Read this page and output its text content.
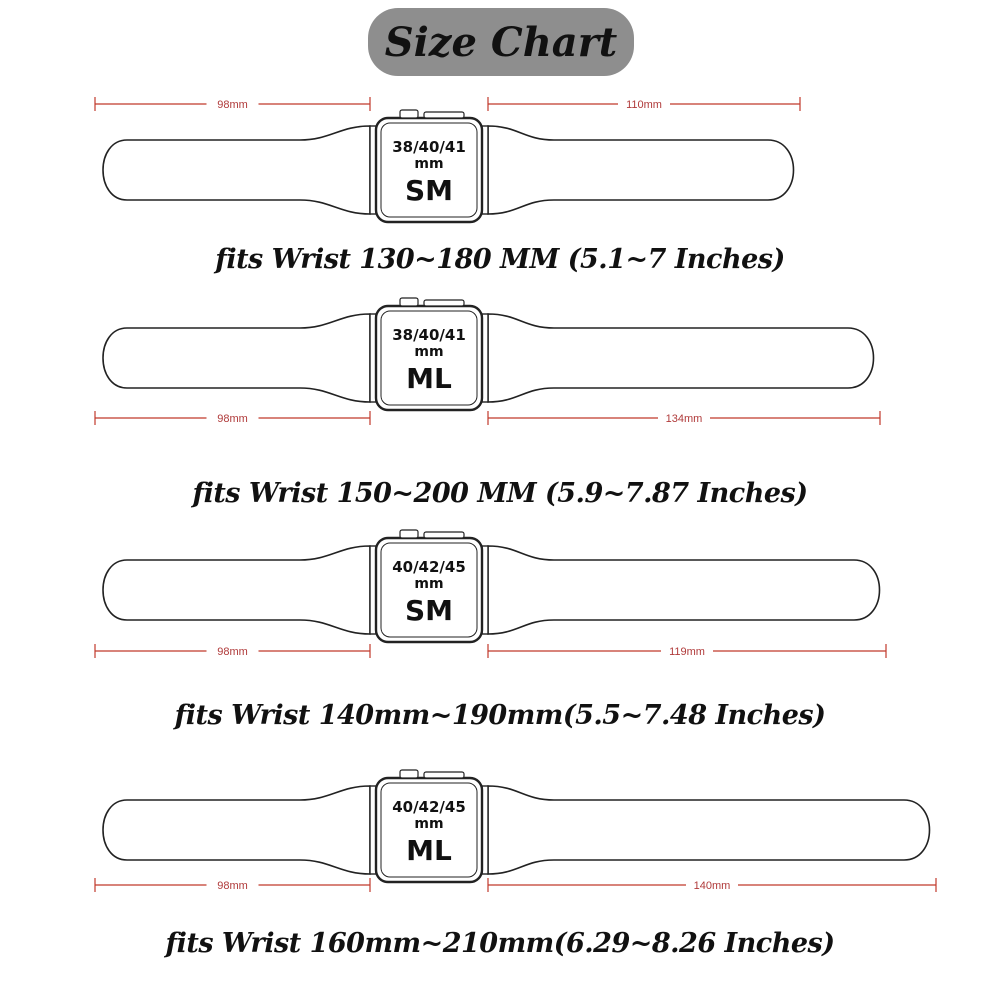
Size Chart
38/40/41
mm
SM
98mm	110mm
38/40/41
mm
ML
98mm	134mm
40/42/45
mm
SM
98mm	119mm
40/42/45
mm
ML
98mm	140mm
fits Wrist 130~180 MM (5.1~7 Inches)
fits Wrist 150~200 MM (5.9~7.87 Inches)
fits Wrist 140mm~190mm(5.5~7.48 Inches)
fits Wrist 160mm~210mm(6.29~8.26 Inches)
